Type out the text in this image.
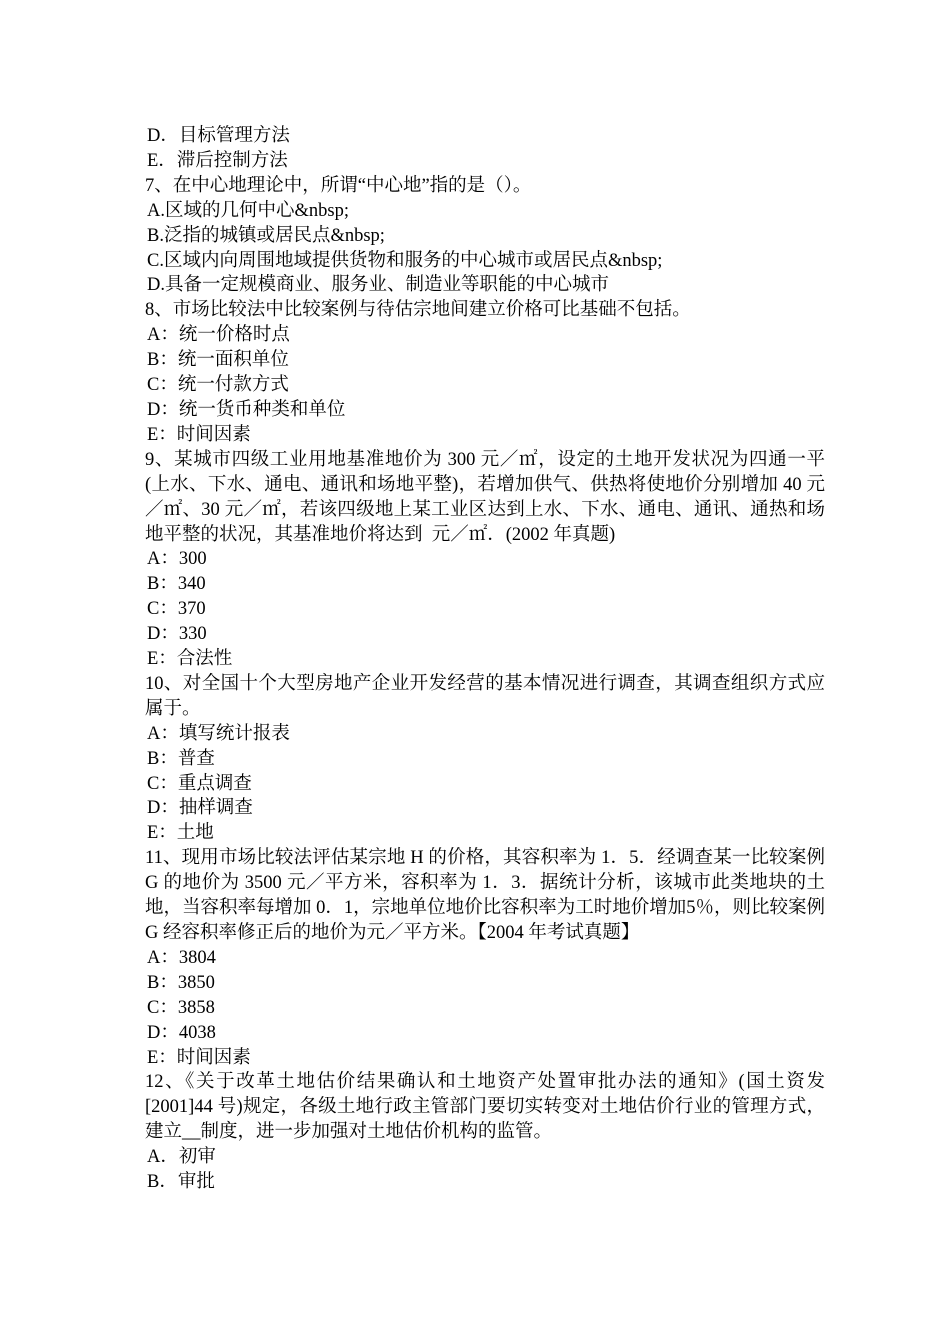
D．目标管理方法

E．滞后控制方法

7、在中心地理论中，所谓“中心地”指的是（）。

A.区域的几何中心&nbsp;

B.泛指的城镇或居民点&nbsp;

C.区域内向周围地域提供货物和服务的中心城市或居民点&nbsp;

D.具备一定规模商业、服务业、制造业等职能的中心城市

8、市场比较法中比较案例与待估宗地间建立价格可比基础不包括。

A：统一价格时点

B：统一面积单位

C：统一付款方式

D：统一货币种类和单位

E：时间因素

9、某城市四级工业用地基准地价为 300 元／㎡，设定的土地开发状况为四通一平(上水、下水、通电、通讯和场地平整)，若增加供气、供热将使地价分别增加 40 元／㎡、30 元／㎡，若该四级地上某工业区达到上水、下水、通电、通讯、通热和场地平整的状况，其基准地价将达到  元／㎡．(2002 年真题)

A：300

B：340

C：370

D：330

E：合法性

10、对全国十个大型房地产企业开发经营的基本情况进行调查，其调查组织方式应属于。

A：填写统计报表

B：普查

C：重点调查

D：抽样调查

E：土地

11、现用市场比较法评估某宗地 H 的价格，其容积率为 1．5．经调查某一比较案例 G 的地价为 3500 元／平方米，容积率为 1．3．据统计分析，该城市此类地块的土地，当容积率每增加 0．1，宗地单位地价比容积率为工时地价增加5％，则比较案例 G 经容积率修正后的地价为元／平方米。【2004 年考试真题】

A：3804

B：3850

C：3858

D：4038

E：时间因素

12、《关于改革土地估价结果确认和土地资产处置审批办法的通知》(国土资发[2001]44 号)规定，各级土地行政主管部门要切实转变对土地估价行业的管理方式，建立__制度，进一步加强对土地估价机构的监管。

A．初审

B．审批
